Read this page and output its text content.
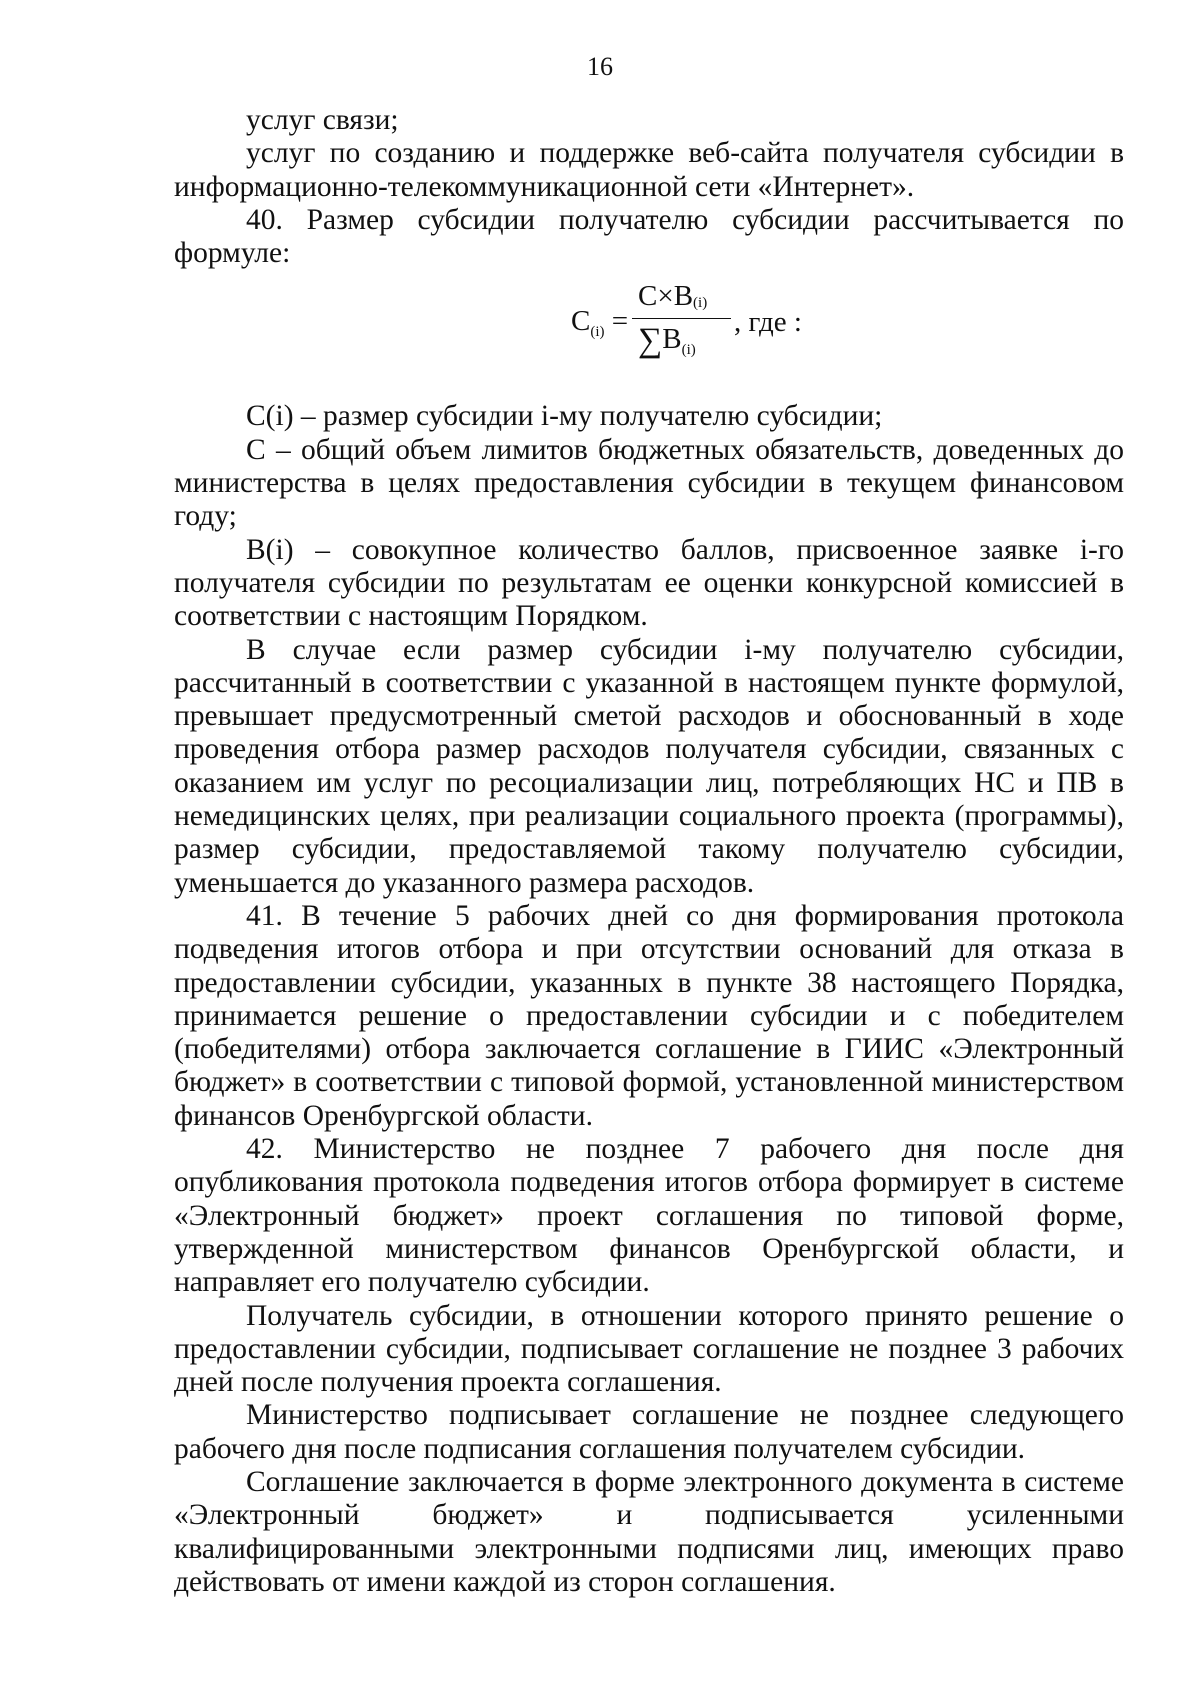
16

услуг связи;

услуг по созданию и поддержке веб-сайта получателя субсидии в информационно-телекоммуникационной сети «Интернет».

40. Размер субсидии получателю субсидии рассчитывается по формуле:

$C_{(i)}$ =
C×B(i)
$\sum B_{(i)}$
, где :

C(i) – размер субсидии i-му получателю субсидии;

C – общий объем лимитов бюджетных обязательств, доведенных до министерства в целях предоставления субсидии в текущем финансовом году;

B(i) – совокупное количество баллов, присвоенное заявке i-го получателя субсидии по результатам ее оценки конкурсной комиссией в соответствии с настоящим Порядком.

В случае если размер субсидии i-му получателю субсидии, рассчитанный в соответствии с указанной в настоящем пункте формулой, превышает предусмотренный сметой расходов и обоснованный в ходе проведения отбора размер расходов получателя субсидии, связанных с оказанием им услуг по ресоциализации лиц, потребляющих НС и ПВ в немедицинских целях, при реализации социального проекта (программы), размер субсидии, предоставляемой такому получателю субсидии, уменьшается до указанного размера расходов.

41. В течение 5 рабочих дней со дня формирования протокола подведения итогов отбора и при отсутствии оснований для отказа в предоставлении субсидии, указанных в пункте 38 настоящего Порядка, принимается решение о предоставлении субсидии и с победителем (победителями) отбора заключается соглашение в ГИИС «Электронный бюджет» в соответствии с типовой формой, установленной министерством финансов Оренбургской области.

42. Министерство не позднее 7 рабочего дня после дня опубликования протокола подведения итогов отбора формирует в системе «Электронный бюджет» проект соглашения по типовой форме, утвержденной министерством финансов Оренбургской области, и направляет его получателю субсидии.

Получатель субсидии, в отношении которого принято решение о предоставлении субсидии, подписывает соглашение не позднее 3 рабочих дней после получения проекта соглашения.

Министерство подписывает соглашение не позднее следующего рабочего дня после подписания соглашения получателем субсидии.

Соглашение заключается в форме электронного документа в системе «Электронный бюджет» и подписывается усиленными квалифицированными электронными подписями лиц, имеющих право действовать от имени каждой из сторон соглашения.
